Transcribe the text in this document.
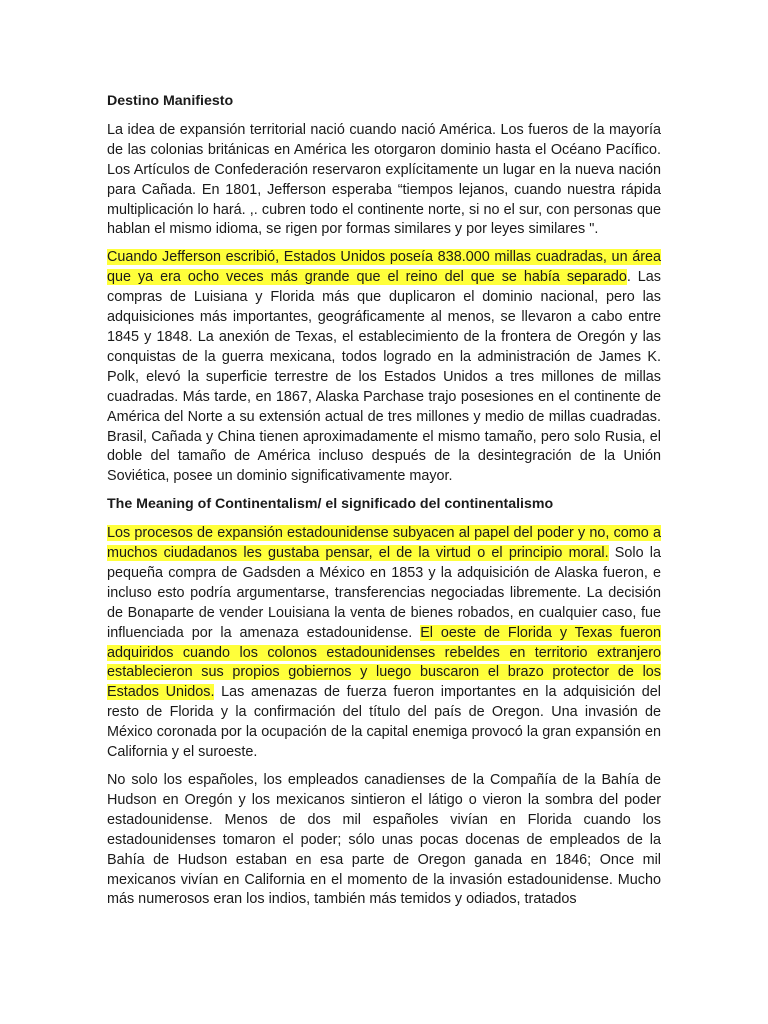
Destino Manifiesto

La idea de expansión territorial nació cuando nació América. Los fueros de la mayoría de las colonias británicas en América les otorgaron dominio hasta el Océano Pacífico. Los Artículos de Confederación reservaron explícitamente un lugar en la nueva nación para Cañada. En 1801, Jefferson esperaba “tiempos lejanos, cuando nuestra rápida multiplicación lo hará. ,. cubren todo el continente norte, si no el sur, con personas que hablan el mismo idioma, se rigen por formas similares y por leyes similares ".

Cuando Jefferson escribió, Estados Unidos poseía 838.000 millas cuadradas, un área que ya era ocho veces más grande que el reino del que se había separado. Las compras de Luisiana y Florida más que duplicaron el dominio nacional, pero las adquisiciones más importantes, geográficamente al menos, se llevaron a cabo entre 1845 y 1848. La anexión de Texas, el establecimiento de la frontera de Oregón y las conquistas de la guerra mexicana, todos logrado en la administración de James K. Polk, elevó la superficie terrestre de los Estados Unidos a tres millones de millas cuadradas. Más tarde, en 1867, Alaska Parchase trajo posesiones en el continente de América del Norte a su extensión actual de tres millones y medio de millas cuadradas. Brasil, Cañada y China tienen aproximadamente el mismo tamaño, pero solo Rusia, el doble del tamaño de América incluso después de la desintegración de la Unión Soviética, posee un dominio significativamente mayor.

The Meaning of Continentalism/ el significado del continentalismo

Los procesos de expansión estadounidense subyacen al papel del poder y no, como a muchos ciudadanos les gustaba pensar, el de la virtud o el principio moral. Solo la pequeña compra de Gadsden a México en 1853 y la adquisición de Alaska fueron, e incluso esto podría argumentarse, transferencias negociadas libremente. La decisión de Bonaparte de vender Louisiana la venta de bienes robados, en cualquier caso, fue influenciada por la amenaza estadounidense. El oeste de Florida y Texas fueron adquiridos cuando los colonos estadounidenses rebeldes en territorio extranjero establecieron sus propios gobiernos y luego buscaron el brazo protector de los Estados Unidos. Las amenazas de fuerza fueron importantes en la adquisición del resto de Florida y la confirmación del título del país de Oregon. Una invasión de México coronada por la ocupación de la capital enemiga provocó la gran expansión en California y el suroeste.

No solo los españoles, los empleados canadienses de la Compañía de la Bahía de Hudson en Oregón y los mexicanos sintieron el látigo o vieron la sombra del poder estadounidense. Menos de dos mil españoles vivían en Florida cuando los estadounidenses tomaron el poder; sólo unas pocas docenas de empleados de la Bahía de Hudson estaban en esa parte de Oregon ganada en 1846; Once mil mexicanos vivían en California en el momento de la invasión estadounidense. Mucho más numerosos eran los indios, también más temidos y odiados, tratados
